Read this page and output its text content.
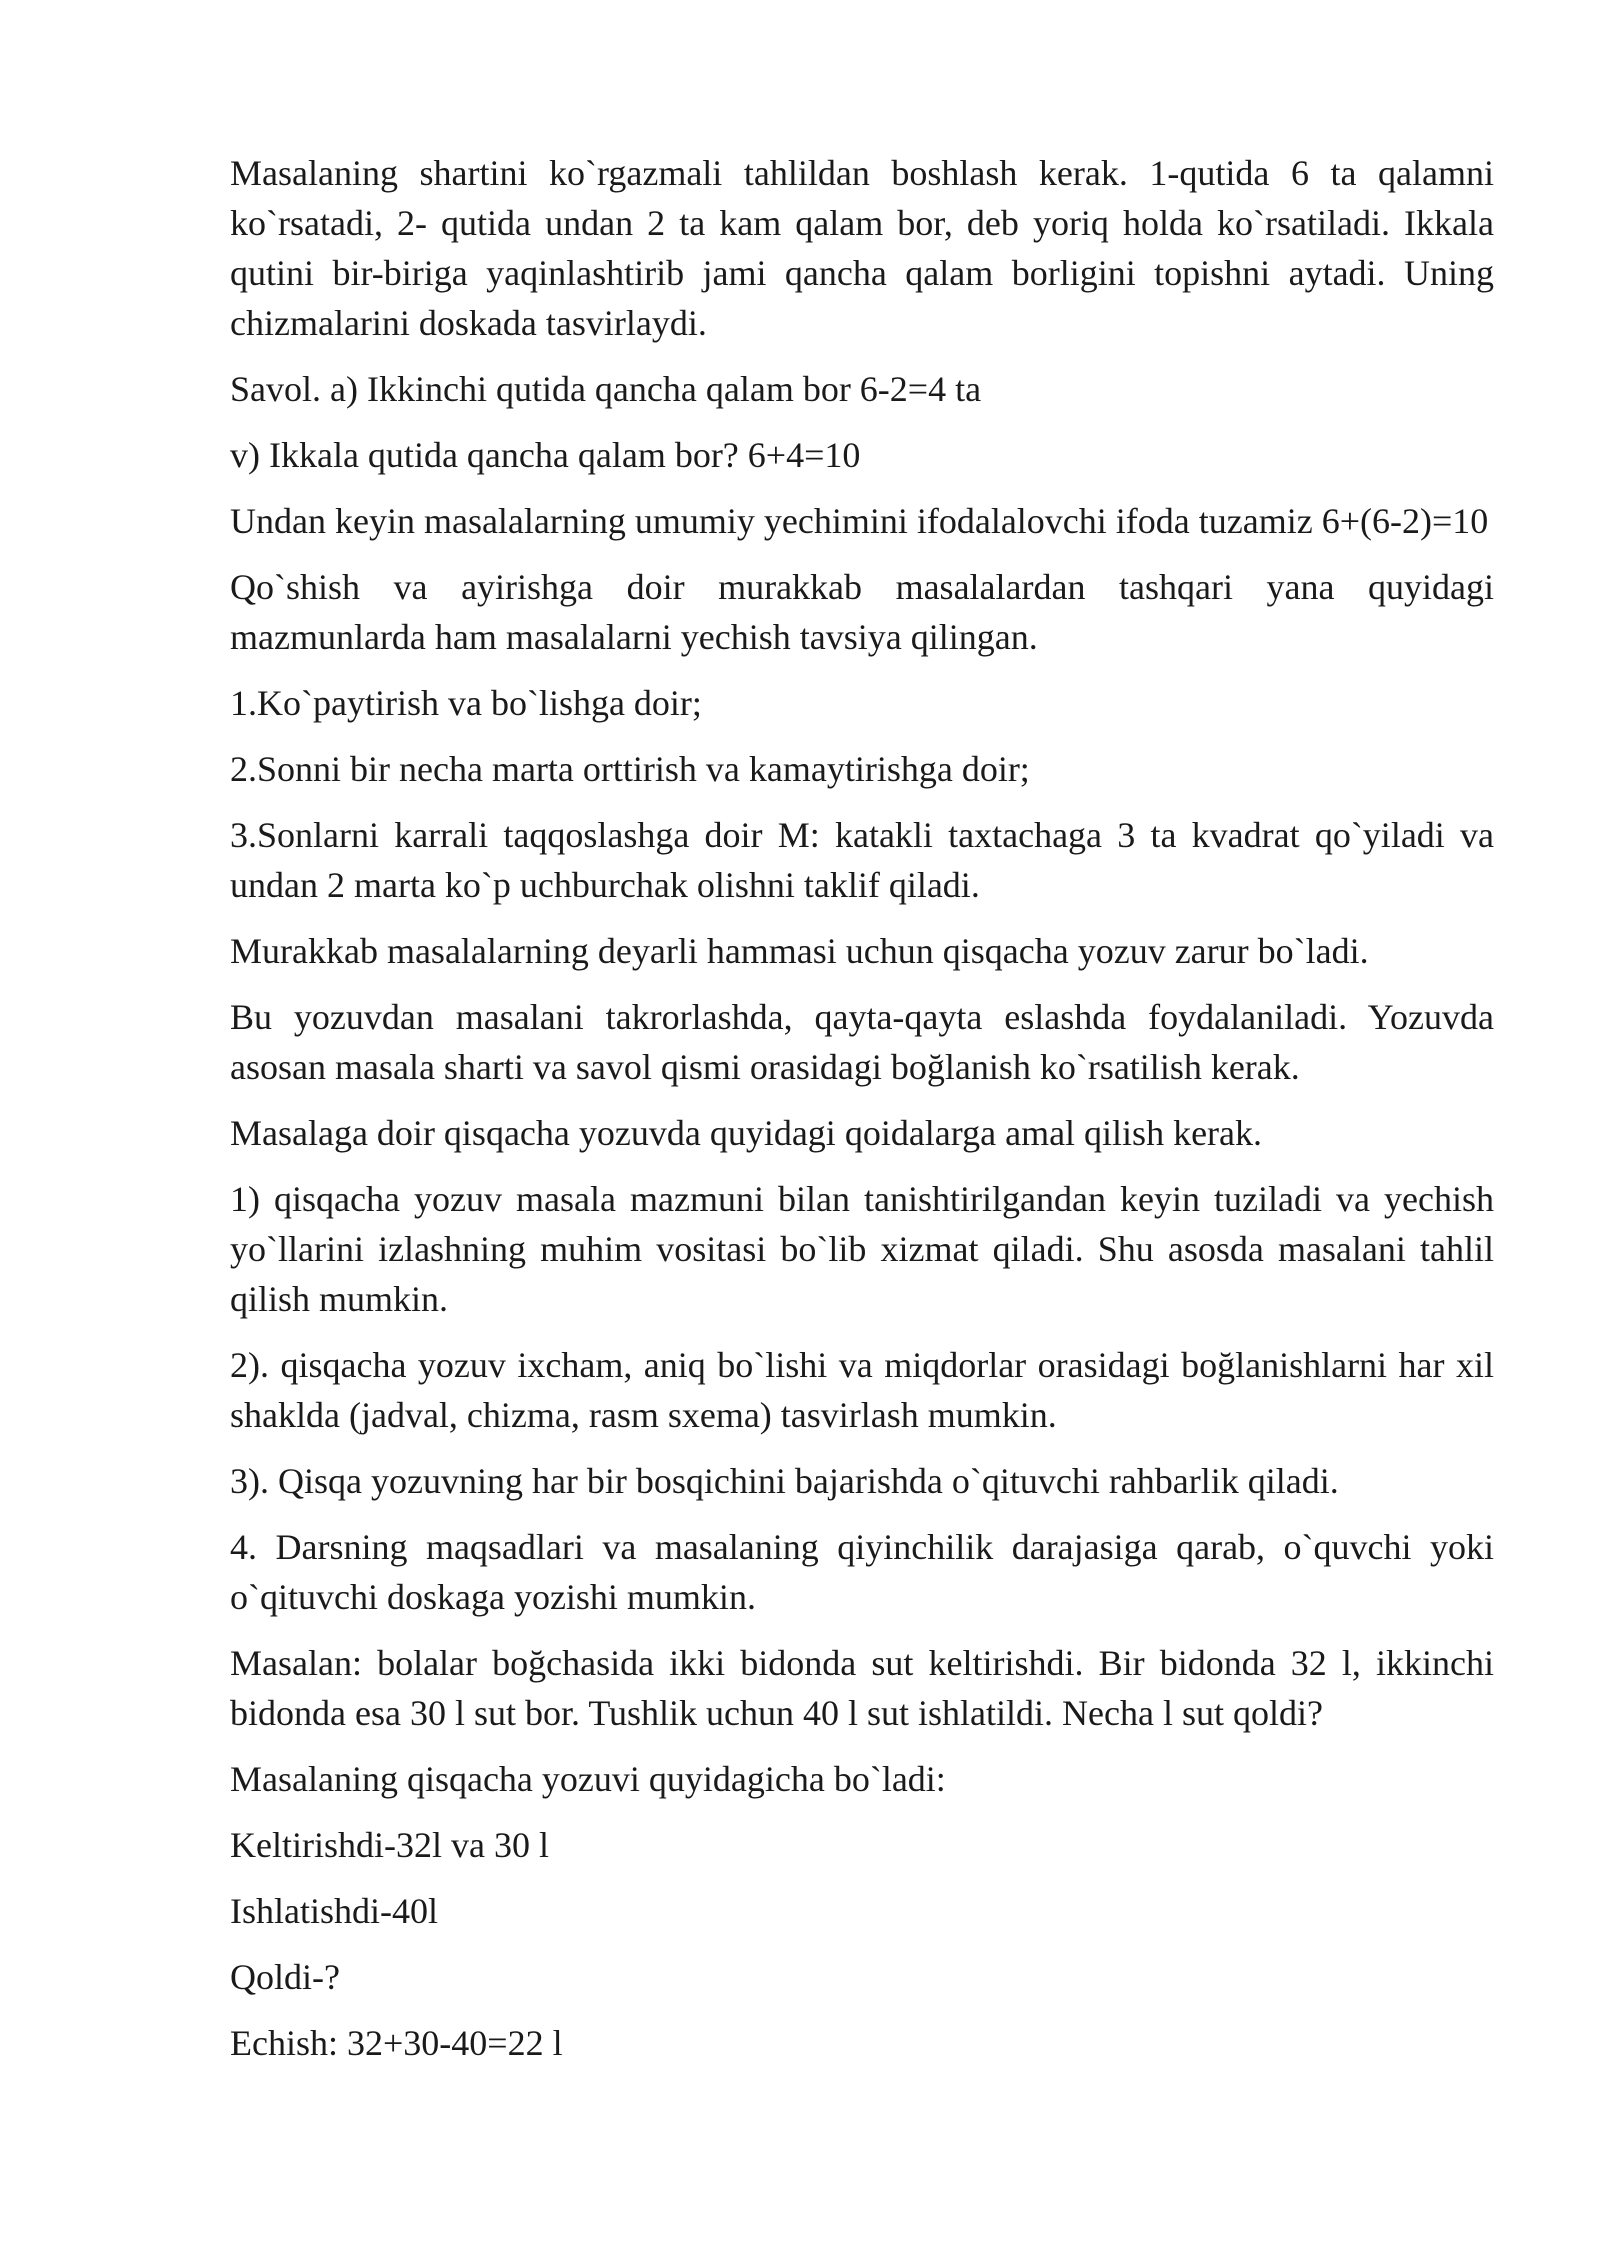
Masalaning shartini ko`rgazmali tahlildan boshlash kerak. 1-qutida 6 ta qalamni ko`rsatadi, 2- qutida undan 2 ta kam qalam bor, deb yoriq holda ko`rsatiladi. Ikkala qutini bir-biriga yaqinlashtirib jami qancha qalam borligini topishni aytadi. Uning chizmalarini doskada tasvirlaydi.

Savol. a) Ikkinchi qutida qancha qalam bor 6-2=4 ta

v) Ikkala qutida qancha qalam bor? 6+4=10

Undan keyin masalalarning umumiy yechimini ifodalalovchi ifoda tuzamiz 6+(6-2)=10

Qo`shish va ayirishga doir murakkab masalalardan tashqari yana quyidagi mazmunlarda ham masalalarni yechish tavsiya qilingan.

1.Ko`paytirish va bo`lishga doir;

2.Sonni bir necha marta orttirish va kamaytirishga doir;

3.Sonlarni karrali taqqoslashga doir M: katakli taxtachaga 3 ta kvadrat qo`yiladi va undan 2 marta ko`p uchburchak olishni taklif qiladi.

Murakkab masalalarning deyarli hammasi uchun qisqacha yozuv zarur bo`ladi.

Bu yozuvdan masalani takrorlashda, qayta-qayta eslashda foydalaniladi. Yozuvda asosan masala sharti va savol qismi orasidagi boğlanish ko`rsatilish kerak.

Masalaga doir qisqacha yozuvda quyidagi qoidalarga amal qilish kerak.

1) qisqacha yozuv masala mazmuni bilan tanishtirilgandan keyin tuziladi va yechish yo`llarini izlashning muhim vositasi bo`lib xizmat qiladi. Shu asosda masalani tahlil qilish mumkin.

2). qisqacha yozuv ixcham, aniq bo`lishi va miqdorlar orasidagi boğlanishlarni har xil shaklda (jadval, chizma, rasm sxema) tasvirlash mumkin.

3). Qisqa yozuvning har bir bosqichini bajarishda o`qituvchi rahbarlik qiladi.

4. Darsning maqsadlari va masalaning qiyinchilik darajasiga qarab, o`quvchi yoki o`qituvchi doskaga yozishi mumkin.

Masalan: bolalar boğchasida ikki bidonda sut keltirishdi. Bir bidonda 32 l, ikkinchi bidonda esa 30 l sut bor. Tushlik uchun 40 l sut ishlatildi. Necha l sut qoldi?

Masalaning qisqacha yozuvi quyidagicha bo`ladi:

Keltirishdi-32l va 30 l

Ishlatishdi-40l

Qoldi-?

Echish: 32+30-40=22 l
